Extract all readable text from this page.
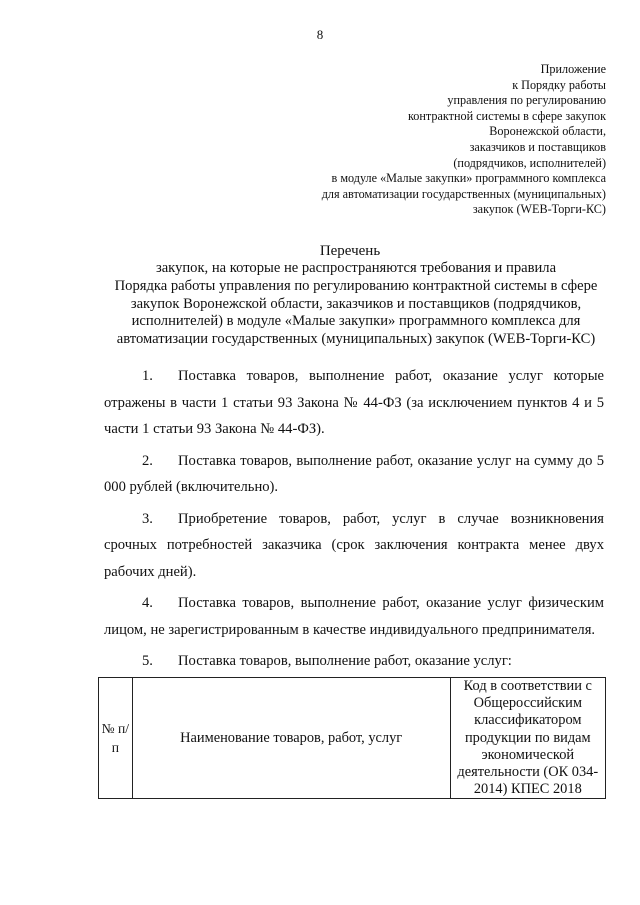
8
Приложение
к Порядку работы
управления по регулированию
контрактной системы в сфере закупок
Воронежской области,
заказчиков и поставщиков
(подрядчиков, исполнителей)
в модуле «Малые закупки» программного комплекса
для автоматизации государственных (муниципальных)
закупок (WEB-Торги-КС)
Перечень
закупок, на которые не распространяются требования и правила
Порядка работы управления по регулированию контрактной системы в сфере
закупок Воронежской области, заказчиков и поставщиков (подрядчиков,
исполнителей) в модуле «Малые закупки» программного комплекса для
автоматизации государственных (муниципальных) закупок (WEB-Торги-КС)

1. Поставка товаров, выполнение работ, оказание услуг которые отражены в части 1 статьи 93 Закона № 44-ФЗ (за исключением пунктов 4 и 5 части 1 статьи 93 Закона № 44-ФЗ).

2. Поставка товаров, выполнение работ, оказание услуг на сумму до 5 000 рублей (включительно).

3. Приобретение товаров, работ, услуг в случае возникновения срочных потребностей заказчика (срок заключения контракта менее двух рабочих дней).

4. Поставка товаров, выполнение работ, оказание услуг физическим лицом, не зарегистрированным в качестве индивидуального предпринимателя.

5. Поставка товаров, выполнение работ, оказание услуг:

№ п/п	Наименование товаров, работ, услуг	Код в соответствии с Общероссийским классификатором продукции по видам экономической деятельности (ОК 034-2014) КПЕС 2018
